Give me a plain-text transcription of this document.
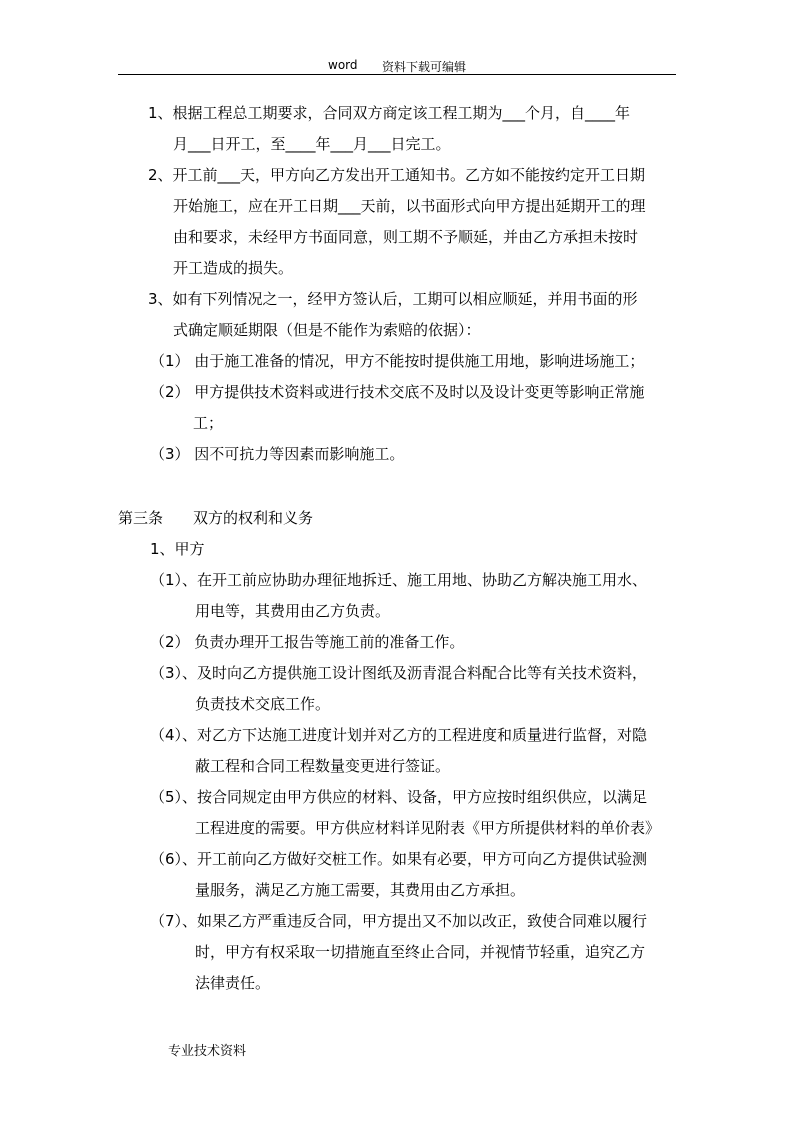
word 资料下载可编辑
1、根据工程总工期要求，合同双方商定该工程工期为___个月，自____年
月___日开工，至____年___月___日完工。
2、开工前___天，甲方向乙方发出开工通知书。乙方如不能按约定开工日期
开始施工，应在开工日期___天前，以书面形式向甲方提出延期开工的理
由和要求，未经甲方书面同意，则工期不予顺延，并由乙方承担未按时
开工造成的损失。
3、如有下列情况之一，经甲方签认后，工期可以相应顺延，并用书面的形
式确定顺延期限（但是不能作为索赔的依据）：
（1） 由于施工准备的情况，甲方不能按时提供施工用地，影响进场施工；
（2） 甲方提供技术资料或进行技术交底不及时以及设计变更等影响正常施
工；
（3） 因不可抗力等因素而影响施工。
第三条　　双方的权利和义务
1、甲方
（1）、在开工前应协助办理征地拆迁、施工用地、协助乙方解决施工用水、
用电等，其费用由乙方负责。
（2） 负责办理开工报告等施工前的准备工作。
（3）、及时向乙方提供施工设计图纸及沥青混合料配合比等有关技术资料，
负责技术交底工作。
（4）、对乙方下达施工进度计划并对乙方的工程进度和质量进行监督，对隐
蔽工程和合同工程数量变更进行签证。
（5）、按合同规定由甲方供应的材料、设备，甲方应按时组织供应，以满足
工程进度的需要。甲方供应材料详见附表《甲方所提供材料的单价表》
（6）、开工前向乙方做好交桩工作。如果有必要，甲方可向乙方提供试验测
量服务，满足乙方施工需要，其费用由乙方承担。
（7）、如果乙方严重违反合同，甲方提出又不加以改正，致使合同难以履行
时，甲方有权采取一切措施直至终止合同，并视情节轻重，追究乙方
法律责任。
专业技术资料
